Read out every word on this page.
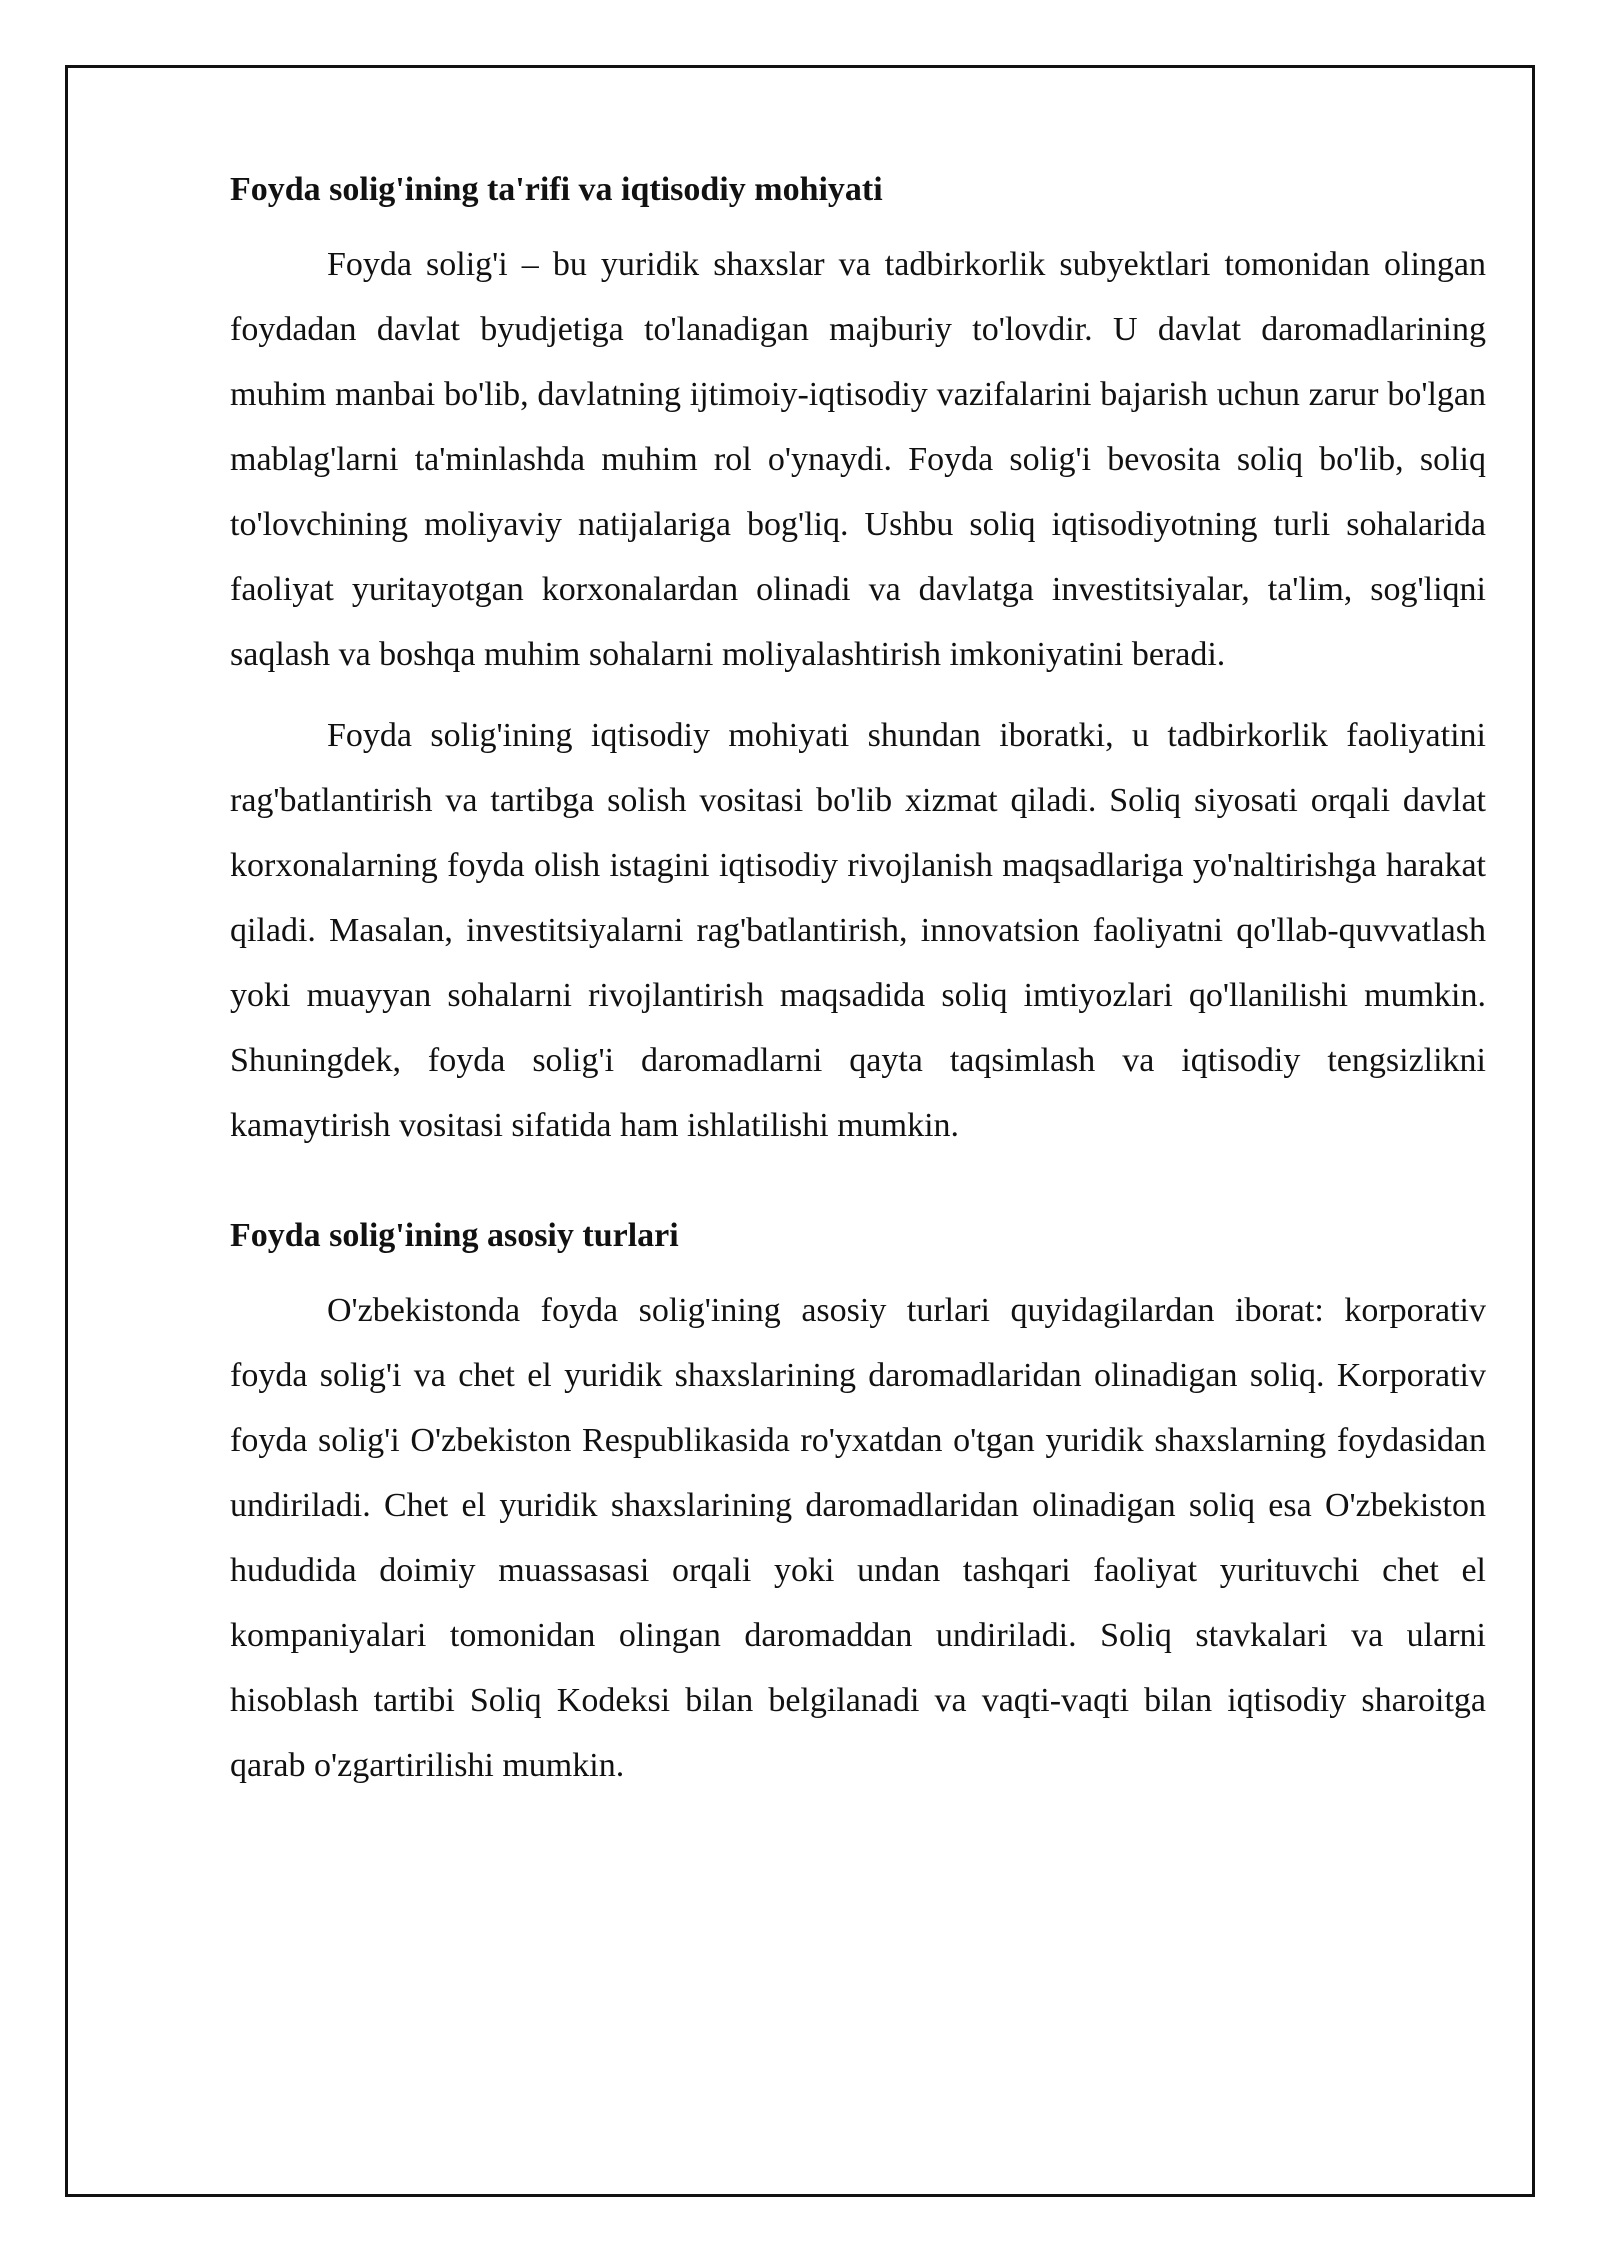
Foyda solig'ining ta'rifi va iqtisodiy mohiyati

Foyda solig'i – bu yuridik shaxslar va tadbirkorlik subyektlari tomonidan olingan foydadan davlat byudjetiga to'lanadigan majburiy to'lovdir. U davlat daromadlarining muhim manbai bo'lib, davlatning ijtimoiy-iqtisodiy vazifalarini bajarish uchun zarur bo'lgan mablag'larni ta'minlashda muhim rol o'ynaydi. Foyda solig'i bevosita soliq bo'lib, soliq to'lovchining moliyaviy natijalariga bog'liq. Ushbu soliq iqtisodiyotning turli sohalarida faoliyat yuritayotgan korxonalardan olinadi va davlatga investitsiyalar, ta'lim, sog'liqni saqlash va boshqa muhim sohalarni moliyalashtirish imkoniyatini beradi.

Foyda solig'ining iqtisodiy mohiyati shundan iboratki, u tadbirkorlik faoliyatini rag'batlantirish va tartibga solish vositasi bo'lib xizmat qiladi. Soliq siyosati orqali davlat korxonalarning foyda olish istagini iqtisodiy rivojlanish maqsadlariga yo'naltirishga harakat qiladi. Masalan, investitsiyalarni rag'batlantirish, innovatsion faoliyatni qo'llab-quvvatlash yoki muayyan sohalarni rivojlantirish maqsadida soliq imtiyozlari qo'llanilishi mumkin. Shuningdek, foyda solig'i daromadlarni qayta taqsimlash va iqtisodiy tengsizlikni kamaytirish vositasi sifatida ham ishlatilishi mumkin.

Foyda solig'ining asosiy turlari

O'zbekistonda foyda solig'ining asosiy turlari quyidagilardan iborat: korporativ foyda solig'i va chet el yuridik shaxslarining daromadlaridan olinadigan soliq. Korporativ foyda solig'i O'zbekiston Respublikasida ro'yxatdan o'tgan yuridik shaxslarning foydasidan undiriladi. Chet el yuridik shaxslarining daromadlaridan olinadigan soliq esa O'zbekiston hududida doimiy muassasasi orqali yoki undan tashqari faoliyat yurituvchi chet el kompaniyalari tomonidan olingan daromaddan undiriladi. Soliq stavkalari va ularni hisoblash tartibi Soliq Kodeksi bilan belgilanadi va vaqti-vaqti bilan iqtisodiy sharoitga qarab o'zgartirilishi mumkin.
